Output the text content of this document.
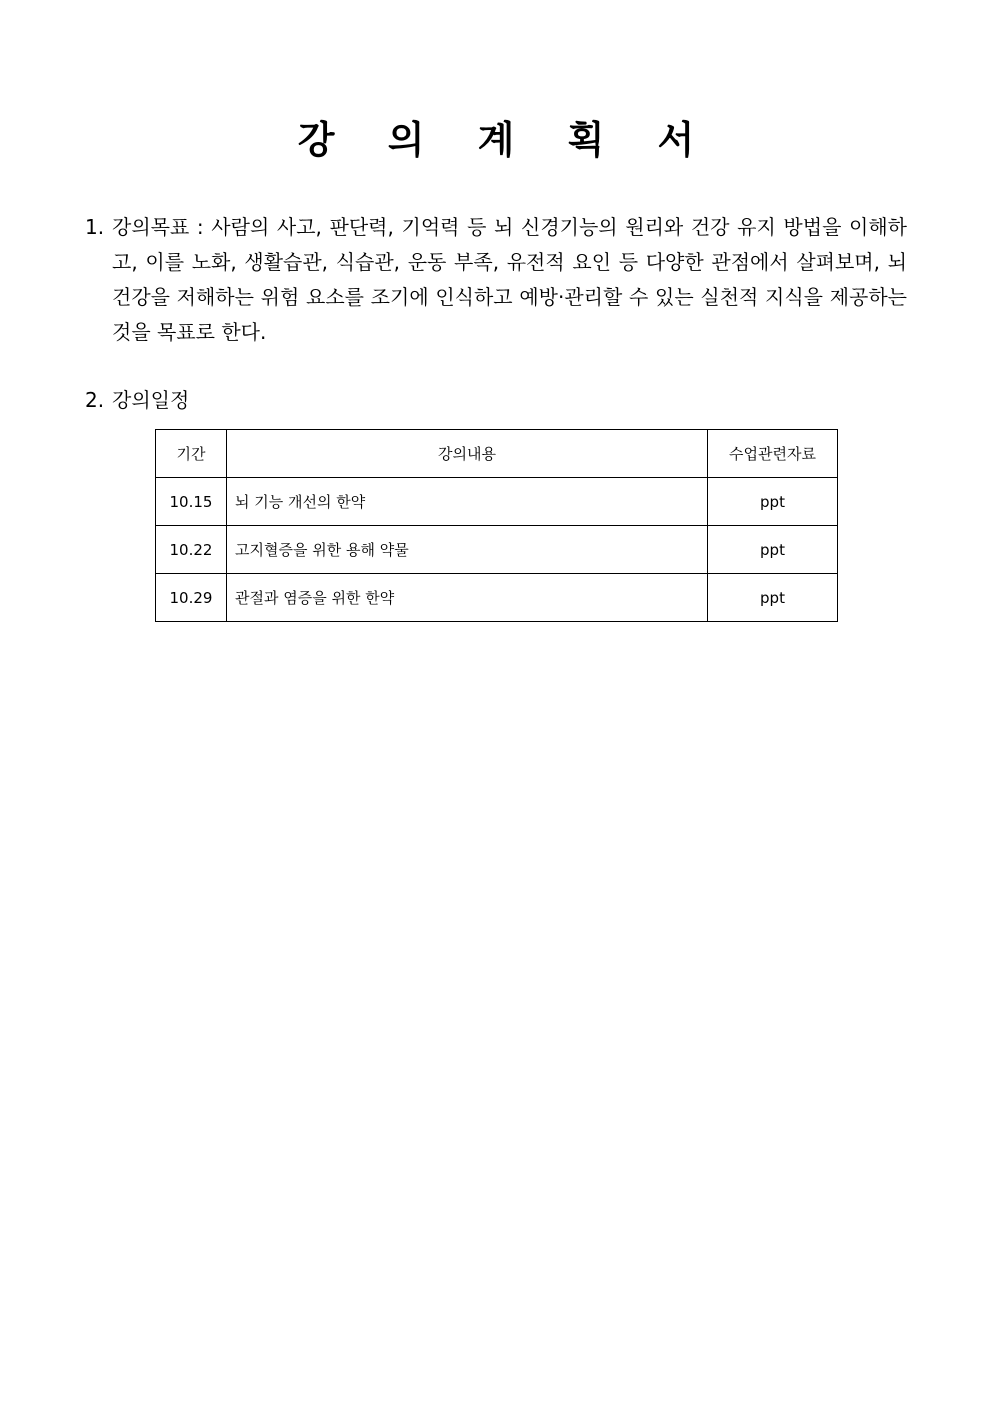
강 의 계 획 서
1. 강의목표 : 사람의 사고, 판단력, 기억력 등 뇌 신경기능의 원리와 건강 유지 방법을 이해하고, 이를 노화, 생활습관, 식습관, 운동 부족, 유전적 요인 등 다양한 관점에서 살펴보며, 뇌 건강을 저해하는 위험 요소를 조기에 인식하고 예방·관리할 수 있는 실천적 지식을 제공하는 것을 목표로 한다.
2. 강의일정
기간	강의내용	수업관련자료
10.15	뇌 기능 개선의 한약	ppt
10.22	고지혈증을 위한 용해 약물	ppt
10.29	관절과 염증을 위한 한약	ppt
